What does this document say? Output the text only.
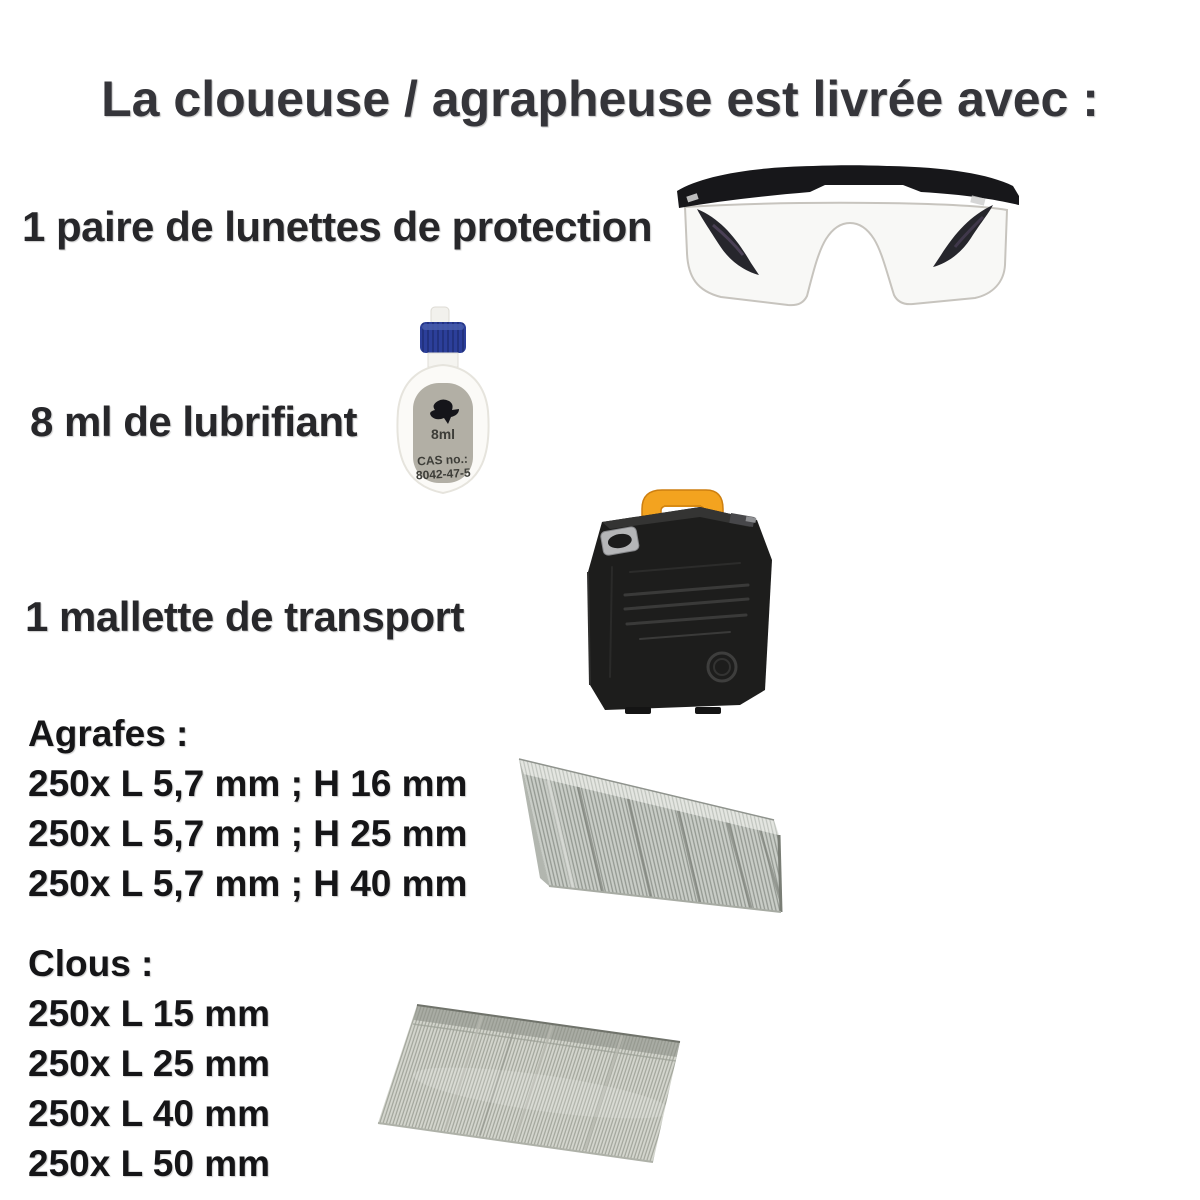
La cloueuse / agrapheuse est livrée avec :
1 paire de lunettes de protection
8 ml de lubrifiant
1 mallette de transport
8ml
CAS no.:
8042-47-5
Agrafes :
250x L 5,7 mm ; H 16 mm
250x L 5,7 mm ; H 25 mm
250x L 5,7 mm ; H 40 mm
Clous :
250x L 15 mm
250x L 25 mm
250x L 40 mm
250x L 50 mm
